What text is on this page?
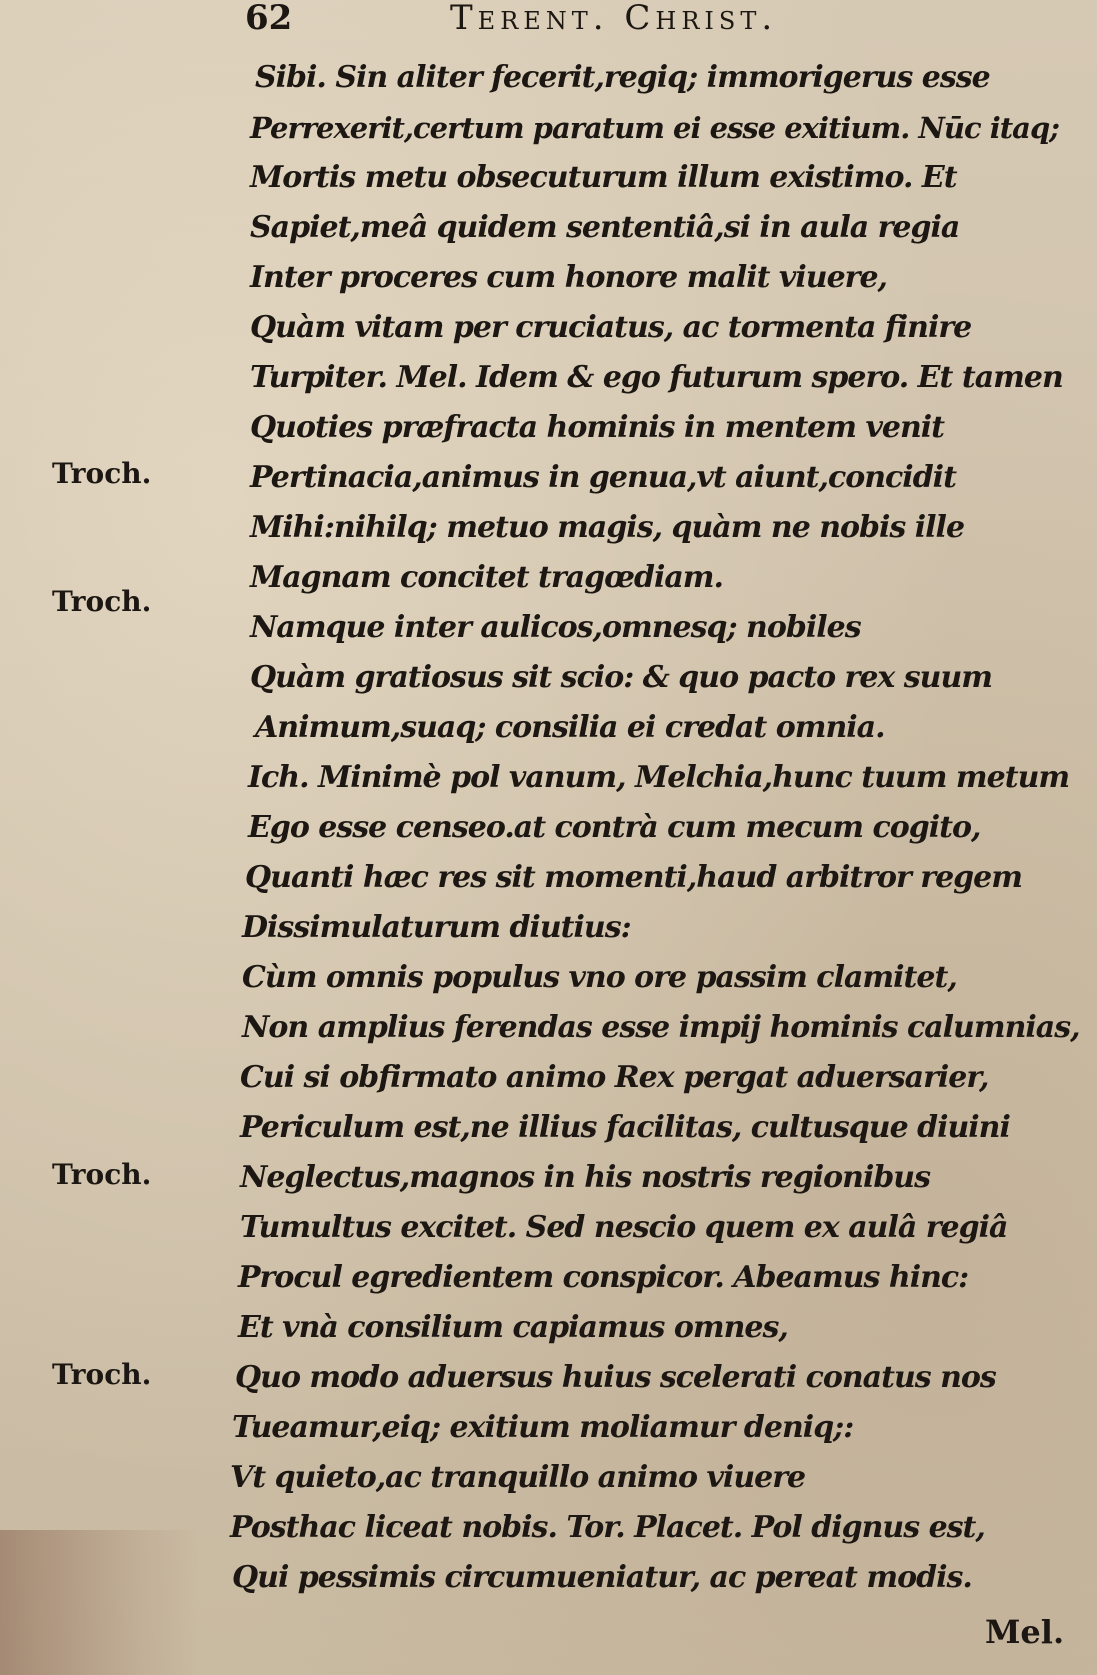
62	Terent. Christ.
Troch.
Troch.
Troch.
Troch.
Sibi. Sin aliter fecerit,regiq; immorigerus esse
Perrexerit,certum paratum ei esse exitium. Nūc itaq;
Mortis metu obsecuturum illum existimo. Et
Sapiet,meâ quidem sententiâ,si in aula regia
Inter proceres cum honore malit viuere,
Quàm vitam per cruciatus, ac tormenta finire
Turpiter. Mel. Idem & ego futurum spero. Et tamen
Quoties præfracta hominis in mentem venit
Pertinacia,animus in genua,vt aiunt,concidit
Mihi:nihilq; metuo magis, quàm ne nobis ille
Magnam concitet tragœdiam.
Namque inter aulicos,omnesq; nobiles
Quàm gratiosus sit scio: & quo pacto rex suum
Animum,suaq; consilia ei credat omnia.
Ich. Minimè pol vanum, Melchia,hunc tuum metum
Ego esse censeo.at contrà cum mecum cogito,
Quanti hæc res sit momenti,haud arbitror regem
Dissimulaturum diutius:
Cùm omnis populus vno ore passim clamitet,
Non amplius ferendas esse impij hominis calumnias,
Cui si obfirmato animo Rex pergat aduersarier,
Periculum est,ne illius facilitas, cultusque diuini
Neglectus,magnos in his nostris regionibus
Tumultus excitet. Sed nescio quem ex aulâ regiâ
Procul egredientem conspicor. Abeamus hinc:
Et vnà consilium capiamus omnes,
Quo modo aduersus huius scelerati conatus nos
Tueamur,eiq; exitium moliamur deniq;:
Vt quieto,ac tranquillo animo viuere
Posthac liceat nobis. Tor. Placet. Pol dignus est,
Qui pessimis circumueniatur, ac pereat modis.
Mel.
